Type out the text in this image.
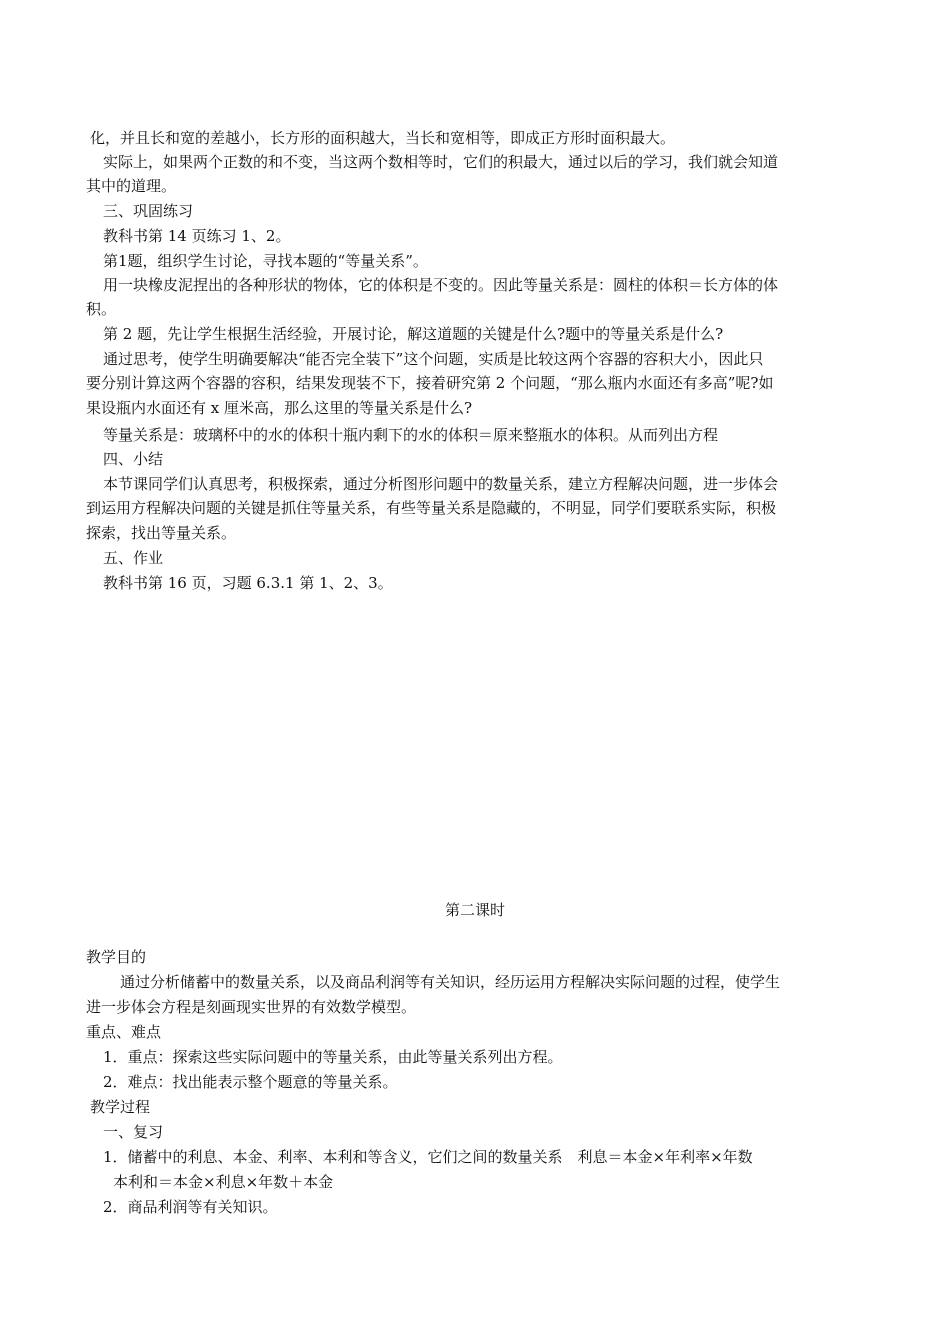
化，并且长和宽的差越小，长方形的面积越大，当长和宽相等，即成正方形时面积最大。
实际上，如果两个正数的和不变，当这两个数相等时，它们的积最大，通过以后的学习，我们就会知道
其中的道理。
三、巩固练习
教科书第 14 页练习 1、2。
第1题，组织学生讨论，寻找本题的“等量关系”。
用一块橡皮泥捏出的各种形状的物体，它的体积是不变的。因此等量关系是：圆柱的体积＝长方体的体
积。
第 2 题，先让学生根据生活经验，开展讨论，解这道题的关键是什么?题中的等量关系是什么?
通过思考，使学生明确要解决“能否完全装下”这个问题，实质是比较这两个容器的容积大小，因此只
要分别计算这两个容器的容积，结果发现装不下，接着研究第 2 个问题，“那么瓶内水面还有多高”呢?如
果设瓶内水面还有 x 厘米高，那么这里的等量关系是什么?
等量关系是：玻璃杯中的水的体积十瓶内剩下的水的体积＝原来整瓶水的体积。从而列出方程
四、小结
本节课同学们认真思考，积极探索，通过分析图形问题中的数量关系，建立方程解决问题，进一步体会
到运用方程解决问题的关键是抓住等量关系，有些等量关系是隐藏的，不明显，同学们要联系实际，积极
探索，找出等量关系。
五、作业
教科书第 16 页，习题 6.3.1 第 1、2、3。
第二课时
教学目的
通过分析储蓄中的数量关系，以及商品利润等有关知识，经历运用方程解决实际问题的过程，使学生
进一步体会方程是刻画现实世界的有效数学模型。
重点、难点
1．重点：探索这些实际问题中的等量关系，由此等量关系列出方程。
2．难点：找出能表示整个题意的等量关系。
教学过程
一、复习
1．储蓄中的利息、本金、利率、本利和等含义，它们之间的数量关系　利息＝本金×年利率×年数
本利和＝本金×利息×年数＋本金
2．商品利润等有关知识。
